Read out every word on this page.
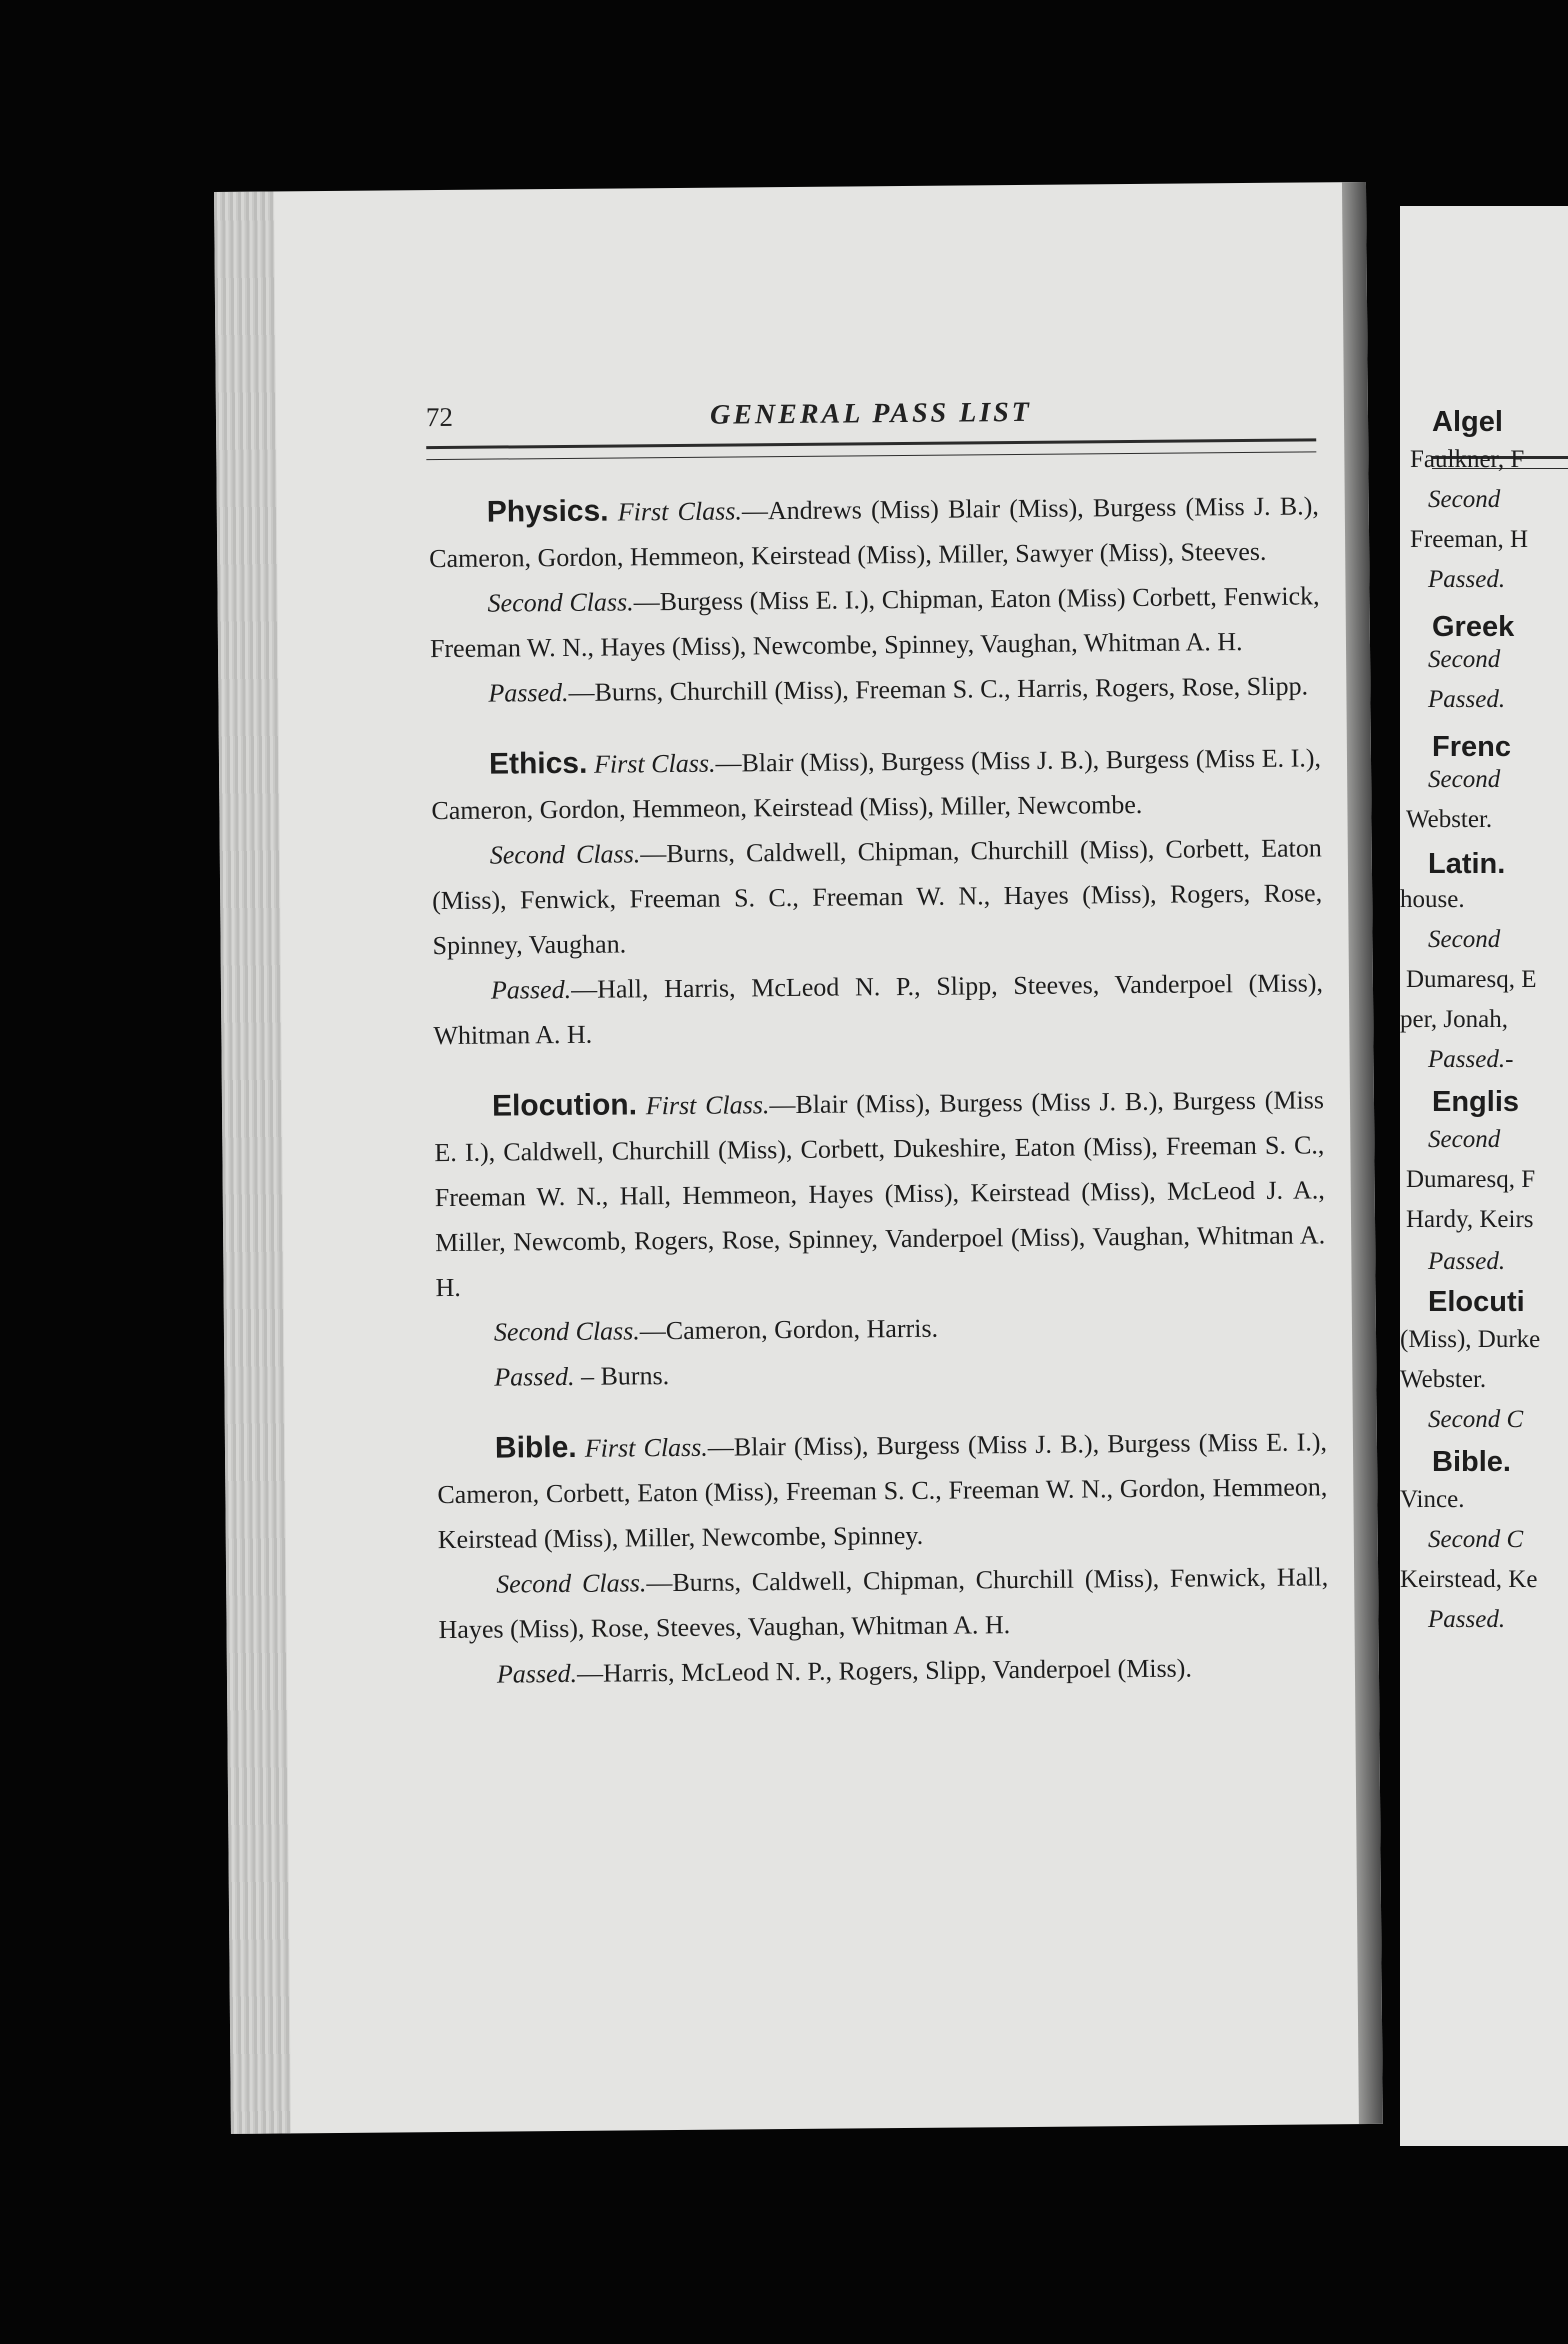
72	GENERAL PASS LIST

Physics. First Class.—Andrews (Miss) Blair (Miss), Burgess (Miss J. B.), Cameron, Gordon, Hemmeon, Keirstead (Miss), Miller, Sawyer (Miss), Steeves.

Second Class.—Burgess (Miss E. I.), Chipman, Eaton (Miss) Corbett, Fenwick, Freeman W. N., Hayes (Miss), Newcombe, Spinney, Vaughan, Whitman A. H.

Passed.—Burns, Churchill (Miss), Freeman S. C., Harris, Rogers, Rose, Slipp.

Ethics. First Class.—Blair (Miss), Burgess (Miss J. B.), Burgess (Miss E. I.), Cameron, Gordon, Hemmeon, Keirstead (Miss), Miller, Newcombe.

Second Class.—Burns, Caldwell, Chipman, Churchill (Miss), Corbett, Eaton (Miss), Fenwick, Freeman S. C., Freeman W. N., Hayes (Miss), Rogers, Rose, Spinney, Vaughan.

Passed.—Hall, Harris, McLeod N. P., Slipp, Steeves, Vanderpoel (Miss), Whitman A. H.

Elocution. First Class.—Blair (Miss), Burgess (Miss J. B.), Burgess (Miss E. I.), Caldwell, Churchill (Miss), Corbett, Dukeshire, Eaton (Miss), Freeman S. C., Freeman W. N., Hall, Hemmeon, Hayes (Miss), Keirstead (Miss), McLeod J. A., Miller, Newcomb, Rogers, Rose, Spinney, Vanderpoel (Miss), Vaughan, Whitman A. H.

Second Class.—Cameron, Gordon, Harris.

Passed. – Burns.

Bible. First Class.—Blair (Miss), Burgess (Miss J. B.), Burgess (Miss E. I.), Cameron, Corbett, Eaton (Miss), Freeman S. C., Freeman W. N., Gordon, Hemmeon, Keirstead (Miss), Miller, Newcombe, Spinney.

Second Class.—Burns, Caldwell, Chipman, Churchill (Miss), Fenwick, Hall, Hayes (Miss), Rose, Steeves, Vaughan, Whitman A. H.

Passed.—Harris, McLeod N. P., Rogers, Slipp, Vanderpoel (Miss).

Algel
Faulkner, F
Second
Freeman, H
Passed.
Greek
Second
Passed.
Frenc
Second
Webster.
Latin.
house.
Second
Dumaresq, E
per, Jonah,
Passed.-
Englis
Second
Dumaresq, F
Hardy, Keirs
Passed.
Elocuti
(Miss), Durke
Webster.
Second C
Bible.
Vince.
Second C
Keirstead, Ke
Passed.
